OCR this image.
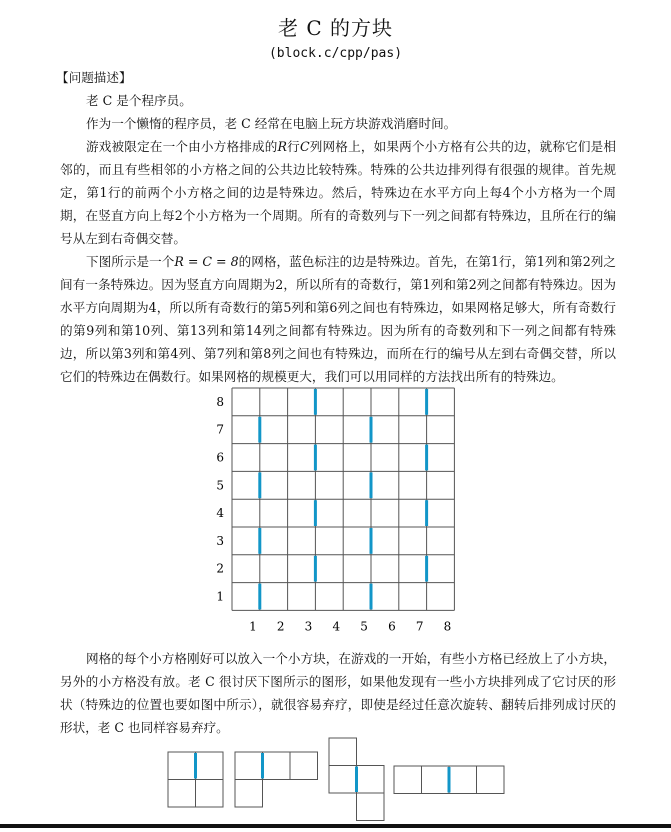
老 C 的方块
(block.c/cpp/pas)
【问题描述】

老 C 是个程序员。

作为一个懒惰的程序员，老 C 经常在电脑上玩方块游戏消磨时间。

游戏被限定在一个由小方格排成的R行C列网格上，如果两个小方格有公共的边，就称它们是相邻的，而且有些相邻的小方格之间的公共边比较特殊。特殊的公共边排列得有很强的规律。首先规定，第1行的前两个小方格之间的边是特殊边。然后，特殊边在水平方向上每4个小方格为一个周期，在竖直方向上每2个小方格为一个周期。所有的奇数列与下一列之间都有特殊边，且所在行的编号从左到右奇偶交替。

下图所示是一个R = C = 8的网格，蓝色标注的边是特殊边。首先，在第1行，第1列和第2列之间有一条特殊边。因为竖直方向周期为2，所以所有的奇数行，第1列和第2列之间都有特殊边。因为水平方向周期为4，所以所有奇数行的第5列和第6列之间也有特殊边，如果网格足够大，所有奇数行的第9列和第10列、第13列和第14列之间都有特殊边。因为所有的奇数列和下一列之间都有特殊边，所以第3列和第4列、第7列和第8列之间也有特殊边，而所在行的编号从左到右奇偶交替，所以它们的特殊边在偶数行。如果网格的规模更大，我们可以用同样的方法找出所有的特殊边。

1
2
3
4
5
6
7
8
1 2 3 4 5 6 7 8

网格的每个小方格刚好可以放入一个小方块，在游戏的一开始，有些小方格已经放上了小方块，另外的小方格没有放。老 C 很讨厌下图所示的图形，如果他发现有一些小方块排列成了它讨厌的形状（特殊边的位置也要如图中所示），就很容易弃疗，即使是经过任意次旋转、翻转后排列成讨厌的形状，老 C 也同样容易弃疗。
